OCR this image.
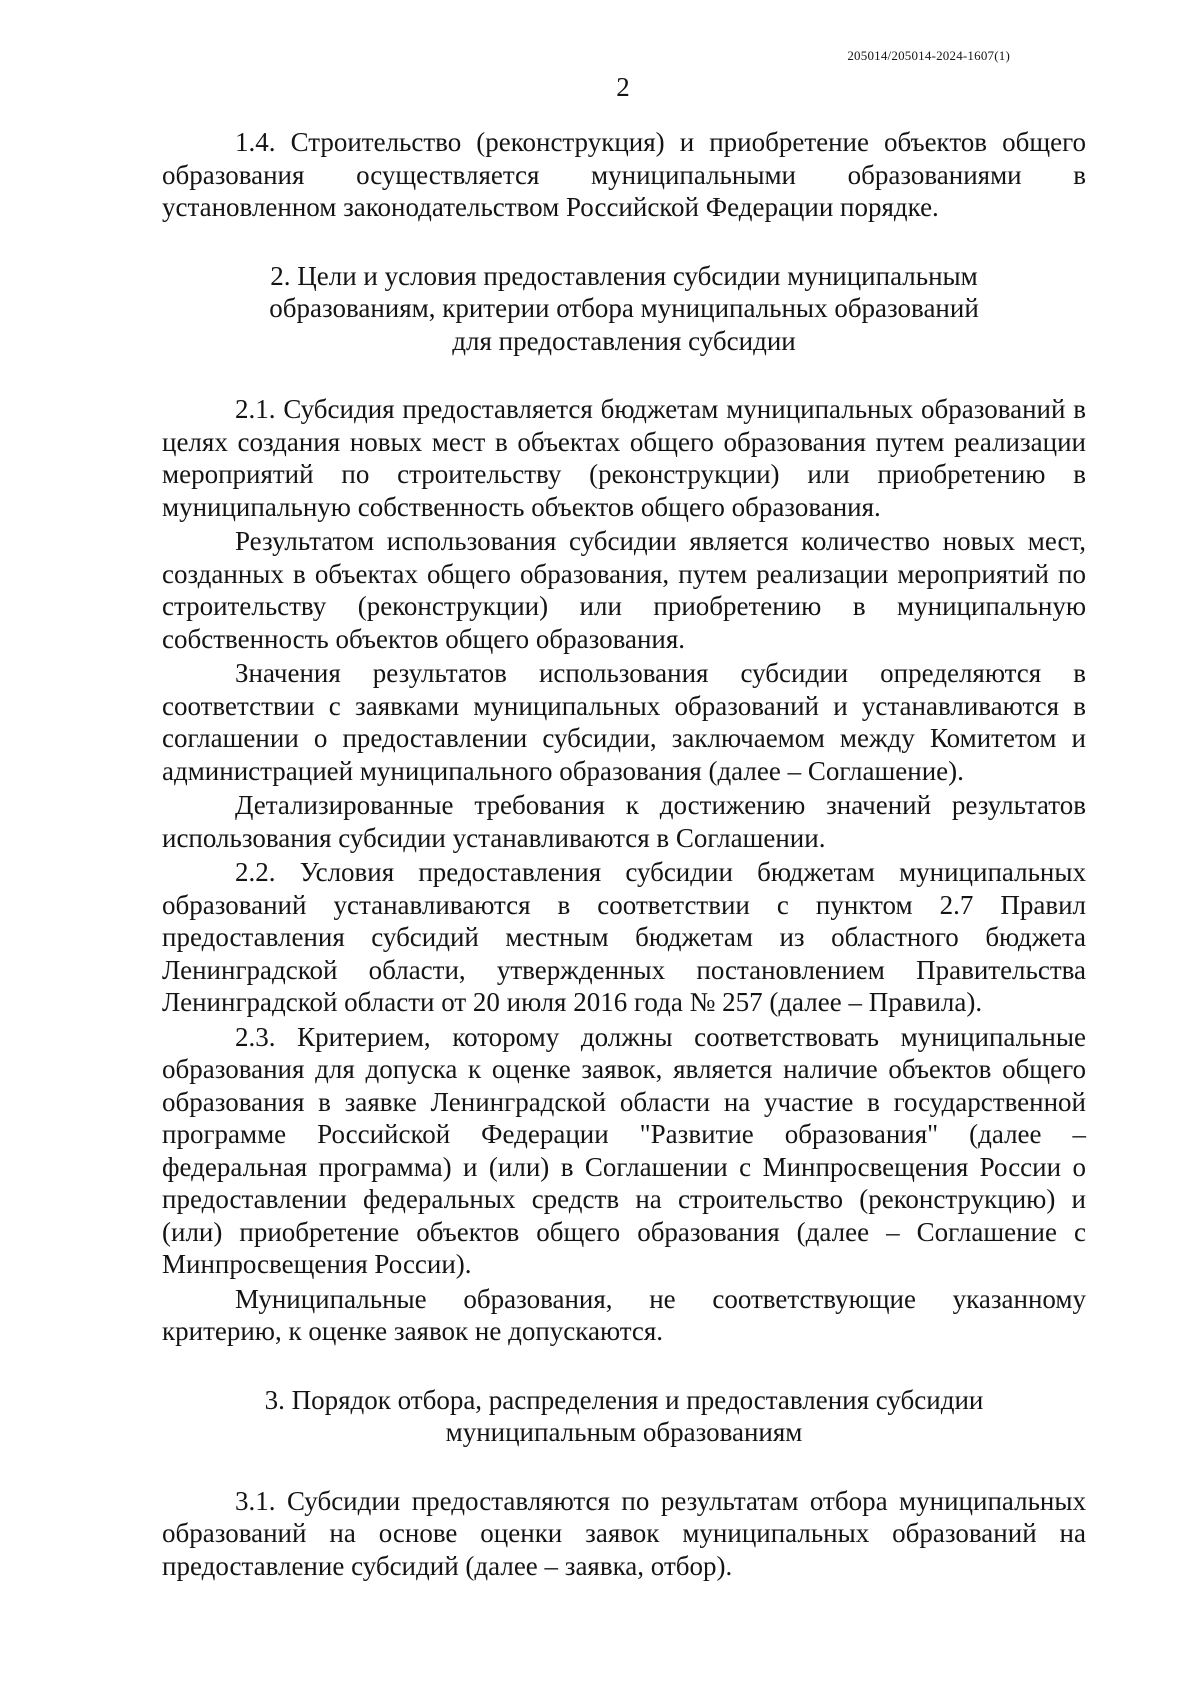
205014/205014-2024-1607(1)
2

1.4. Строительство (реконструкция) и приобретение объектов общего образования осуществляется муниципальными образованиями в установленном законодательством Российской Федерации порядке.

2. Цели и условия предоставления субсидии муниципальным
образованиям, критерии отбора муниципальных образований
для предоставления субсидии

2.1. Субсидия предоставляется бюджетам муниципальных образований в целях создания новых мест в объектах общего образования путем реализации мероприятий по строительству (реконструкции) или приобретению в муниципальную собственность объектов общего образования.

Результатом использования субсидии является количество новых мест, созданных в объектах общего образования, путем реализации мероприятий по строительству (реконструкции) или приобретению в муниципальную собственность объектов общего образования.

Значения результатов использования субсидии определяются в соответствии с заявками муниципальных образований и устанавливаются в соглашении о предоставлении субсидии, заключаемом между Комитетом и администрацией муниципального образования (далее – Соглашение).

Детализированные требования к достижению значений результатов использования субсидии устанавливаются в Соглашении.

2.2. Условия предоставления субсидии бюджетам муниципальных образований устанавливаются в соответствии с пунктом 2.7 Правил предоставления субсидий местным бюджетам из областного бюджета Ленинградской области, утвержденных постановлением Правительства Ленинградской области от 20 июля 2016 года № 257 (далее – Правила).

2.3. Критерием, которому должны соответствовать муниципальные образования для допуска к оценке заявок, является наличие объектов общего образования в заявке Ленинградской области на участие в государственной программе Российской Федерации "Развитие образования" (далее – федеральная программа) и (или) в Соглашении с Минпросвещения России о предоставлении федеральных средств на строительство (реконструкцию) и (или) приобретение объектов общего образования (далее – Соглашение с Минпросвещения России).

Муниципальные образования, не соответствующие указанному критерию, к оценке заявок не допускаются.

3. Порядок отбора, распределения и предоставления субсидии
муниципальным образованиям

3.1. Субсидии предоставляются по результатам отбора муниципальных образований на основе оценки заявок муниципальных образований на предоставление субсидий (далее – заявка, отбор).
